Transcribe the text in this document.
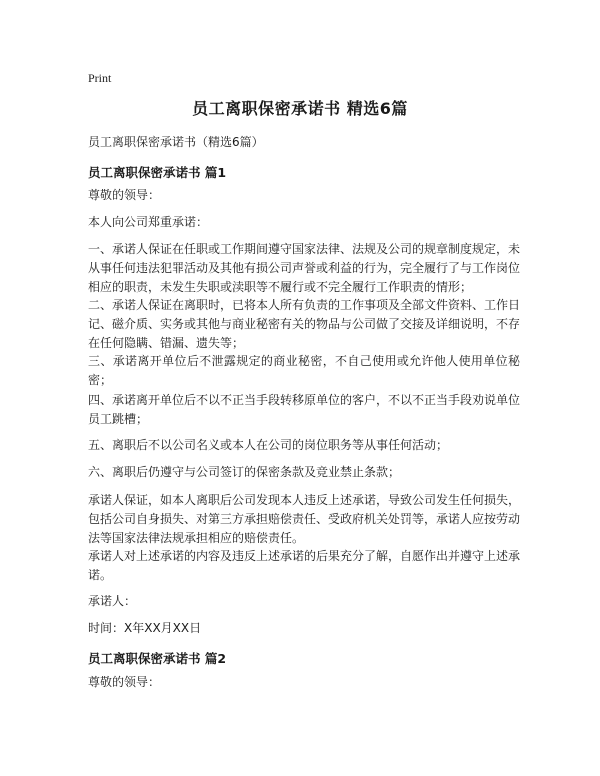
Print
员工离职保密承诺书 精选6篇
员工离职保密承诺书（精选6篇）
员工离职保密承诺书 篇1
尊敬的领导：
本人向公司郑重承诺：
一、承诺人保证在任职或工作期间遵守国家法律、法规及公司的规章制度规定，未从事任何违法犯罪活动及其他有损公司声誉或利益的行为，完全履行了与工作岗位相应的职责，未发生失职或渎职等不履行或不完全履行工作职责的情形；
二、承诺人保证在离职时，已将本人所有负责的工作事项及全部文件资料、工作日记、磁介质、实务或其他与商业秘密有关的物品与公司做了交接及详细说明，不存在任何隐瞒、错漏、遗失等；
三、承诺离开单位后不泄露规定的商业秘密，不自己使用或允许他人使用单位秘密；
四、承诺离开单位后不以不正当手段转移原单位的客户，不以不正当手段劝说单位员工跳槽；
五、离职后不以公司名义或本人在公司的岗位职务等从事任何活动；
六、离职后仍遵守与公司签订的保密条款及竞业禁止条款；
承诺人保证，如本人离职后公司发现本人违反上述承诺，导致公司发生任何损失，包括公司自身损失、对第三方承担赔偿责任、受政府机关处罚等，承诺人应按劳动法等国家法律法规承担相应的赔偿责任。
承诺人对上述承诺的内容及违反上述承诺的后果充分了解，自愿作出并遵守上述承诺。
承诺人：
时间：X年XX月XX日
员工离职保密承诺书 篇2
尊敬的领导：
